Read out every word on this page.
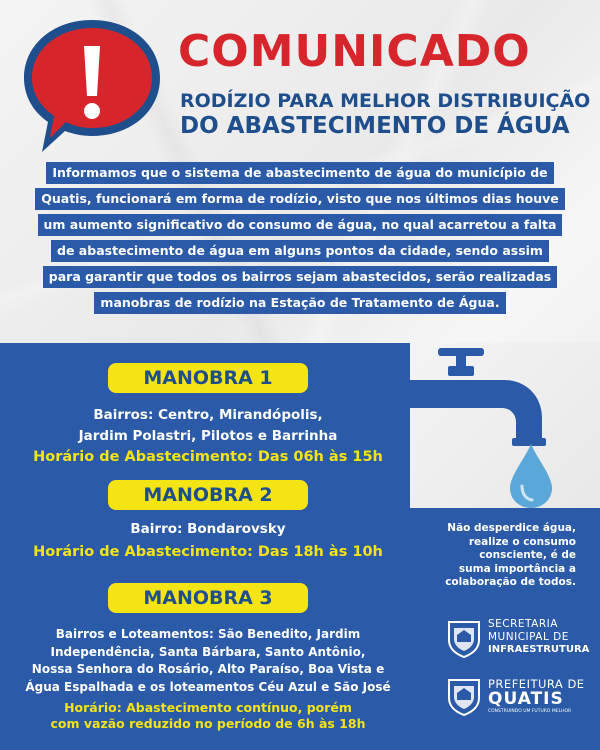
COMUNICADO

RODÍZIO PARA MELHOR DISTRIBUIÇÃO

DO ABASTECIMENTO DE ÁGUA

Informamos que o sistema de abastecimento de água do município de
Quatis, funcionará em forma de rodízio, visto que nos últimos dias houve
um aumento significativo do consumo de água, no qual acarretou a falta
de abastecimento de água em alguns pontos da cidade, sendo assim
para garantir que todos os bairros sejam abastecidos, serão realizadas
manobras de rodízio na Estação de Tratamento de Água.
MANOBRA 1
Bairros: Centro, Mirandópolis,
Jardim Polastri, Pilotos e Barrinha
Horário de Abastecimento: Das 06h às 15h
MANOBRA 2
Bairro: Bondarovsky
Horário de Abastecimento: Das 18h às 10h
MANOBRA 3
Bairros e Loteamentos: São Benedito, Jardim
Independência, Santa Bárbara, Santo Antônio,
Nossa Senhora do Rosário, Alto Paraíso, Boa Vista e
Água Espalhada e os loteamentos Céu Azul e São José
Horário: Abastecimento contínuo, porém
com vazão reduzido no período de 6h às 18h
Não desperdice água,
realize o consumo
consciente, é de
suma importância a
colaboração de todos.
SECRETARIA
MUNICIPAL DE
INFRAESTRUTURA
PREFEITURA DE
QUATIS
CONSTRUINDO UM FUTURO MELHOR
